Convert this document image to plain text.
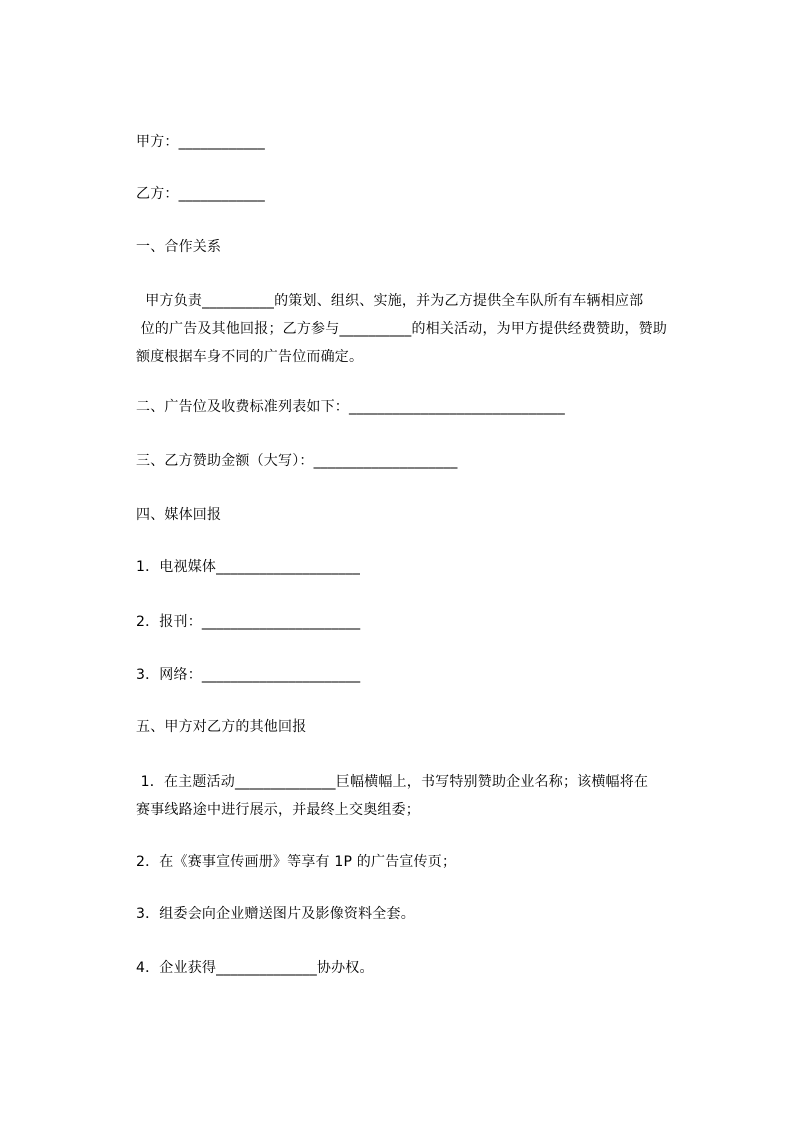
甲方：____________
乙方：____________
一、合作关系
甲方负责__________的策划、组织、实施，并为乙方提供全车队所有车辆相应部
位的广告及其他回报；乙方参与__________的相关活动，为甲方提供经费赞助，赞助
额度根据车身不同的广告位而确定。
二、广告位及收费标准列表如下：______________________________
三、乙方赞助金额（大写）：____________________
四、媒体回报
1．电视媒体____________________
2．报刊：______________________
3．网络：______________________
五、甲方对乙方的其他回报
1．在主题活动______________巨幅横幅上，书写特别赞助企业名称；该横幅将在
赛事线路途中进行展示，并最终上交奥组委；
2．在《赛事宣传画册》等享有 1P 的广告宣传页；
3．组委会向企业赠送图片及影像资料全套。
4．企业获得______________协办权。
